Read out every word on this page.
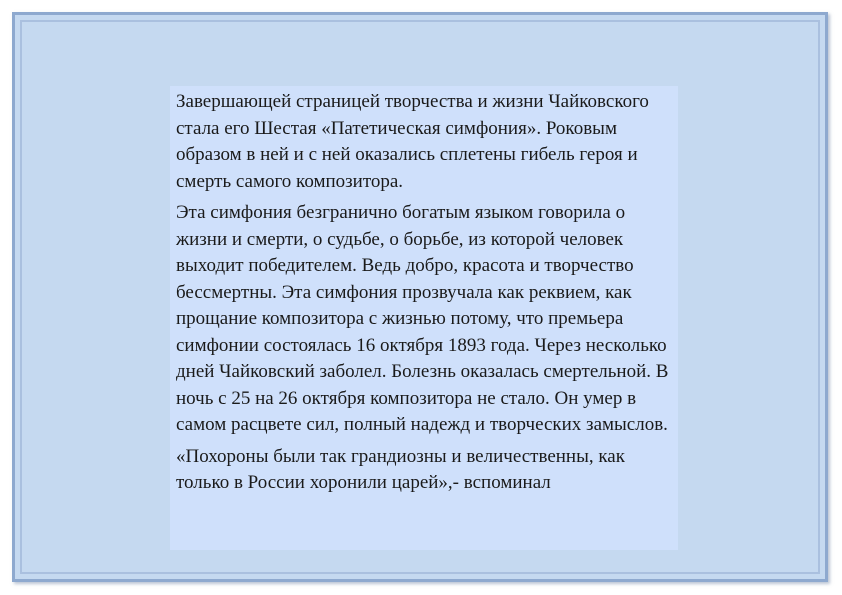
Завершающей страницей творчества и жизни Чайковского стала его Шестая «Патетическая симфония». Роковым образом в ней и с ней оказались сплетены гибель героя и смерть самого композитора.

Эта симфония безгранично богатым языком говорила о жизни и смерти, о судьбе, о борьбе, из которой человек выходит победителем. Ведь добро, красота и творчество бессмертны. Эта симфония прозвучала как реквием, как прощание композитора с жизнью потому, что премьера симфонии состоялась 16 октября 1893 года. Через несколько дней Чайковский заболел. Болезнь оказалась смертельной. В ночь с 25 на 26 октября композитора не стало. Он умер в самом расцвете сил, полный надежд и творческих замыслов.

«Похороны были так грандиозны и величественны, как только в России хоронили царей»,- вспоминал
